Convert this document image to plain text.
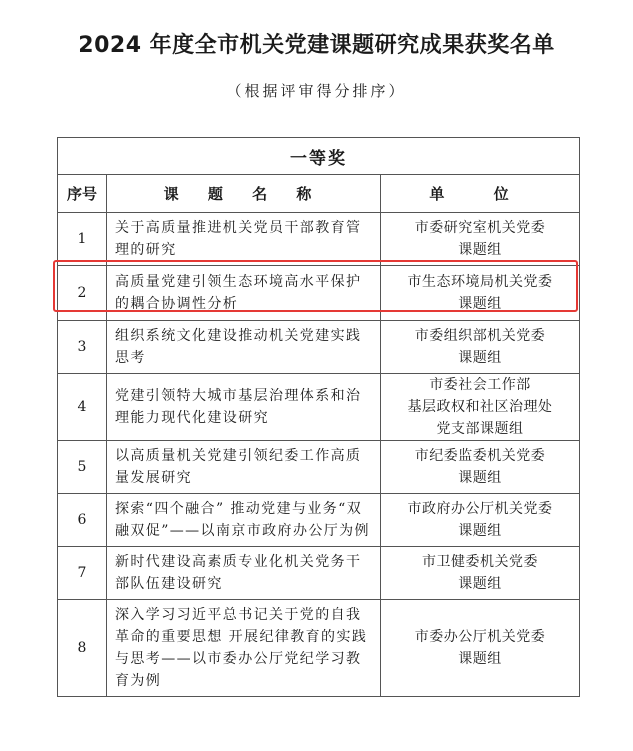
2024 年度全市机关党建课题研究成果获奖名单
（根据评审得分排序）
一等奖		
序号	课 题 名 称	单 位
1	关于高质量推进机关党员干部教育管理的研究	市委研究室机关党委
课题组

2	高质量党建引领生态环境高水平保护的耦合协调性分析	市生态环境局机关党委
课题组

3	组织系统文化建设推动机关党建实践思考	市委组织部机关党委
课题组

4	党建引领特大城市基层治理体系和治理能力现代化建设研究	市委社会工作部
基层政权和社区治理处
党支部课题组

5	以高质量机关党建引领纪委工作高质量发展研究	市纪委监委机关党委
课题组

6	探索“四个融合” 推动党建与业务“双融双促”——以南京市政府办公厅为例	市政府办公厅机关党委
课题组

7	新时代建设高素质专业化机关党务干部队伍建设研究	市卫健委机关党委
课题组

8	深入学习习近平总书记关于党的自我革命的重要思想 开展纪律教育的实践与思考——以市委办公厅党纪学习教育为例	市委办公厅机关党委
课题组
